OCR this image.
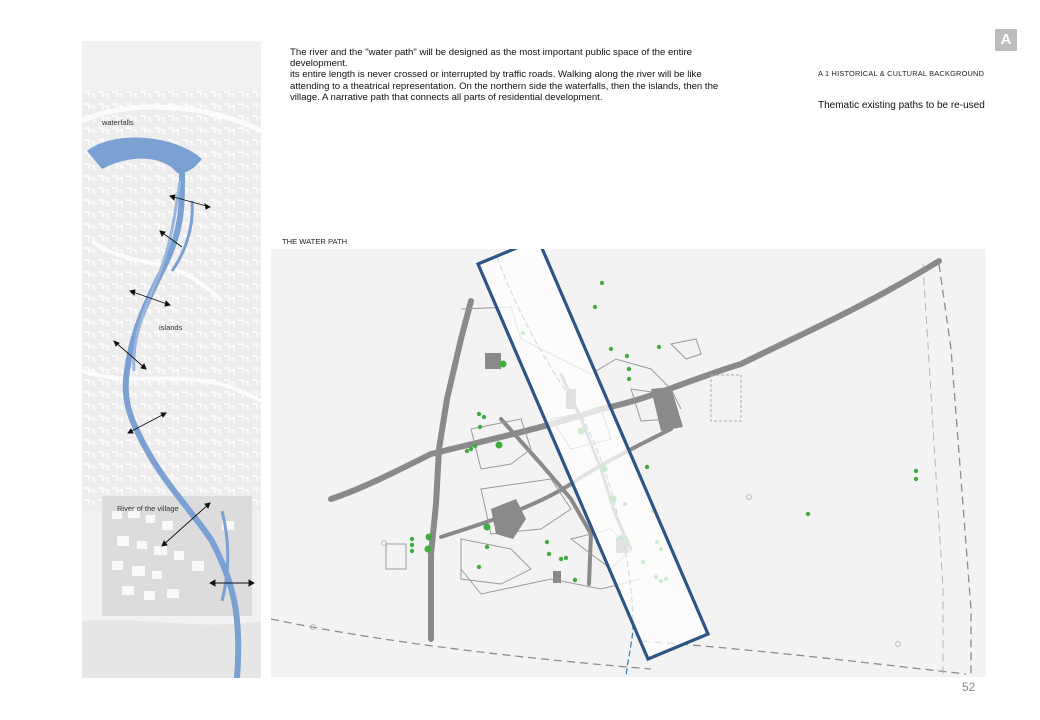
The river and the "water path" will be designed as the most important public space of the entire development.

its entire length is never crossed or interrupted by traffic roads. Walking along the river will be like attending to a theatrical representation. On the northern side the waterfalls, then the islands, then the village. A narrative path that connects all parts of residential development.

A 1 HISTORICAL & CULTURAL BACKGROUND
Thematic existing paths to be re-used
A
THE WATER PATH
52
waterfalls
islands
River of the village
